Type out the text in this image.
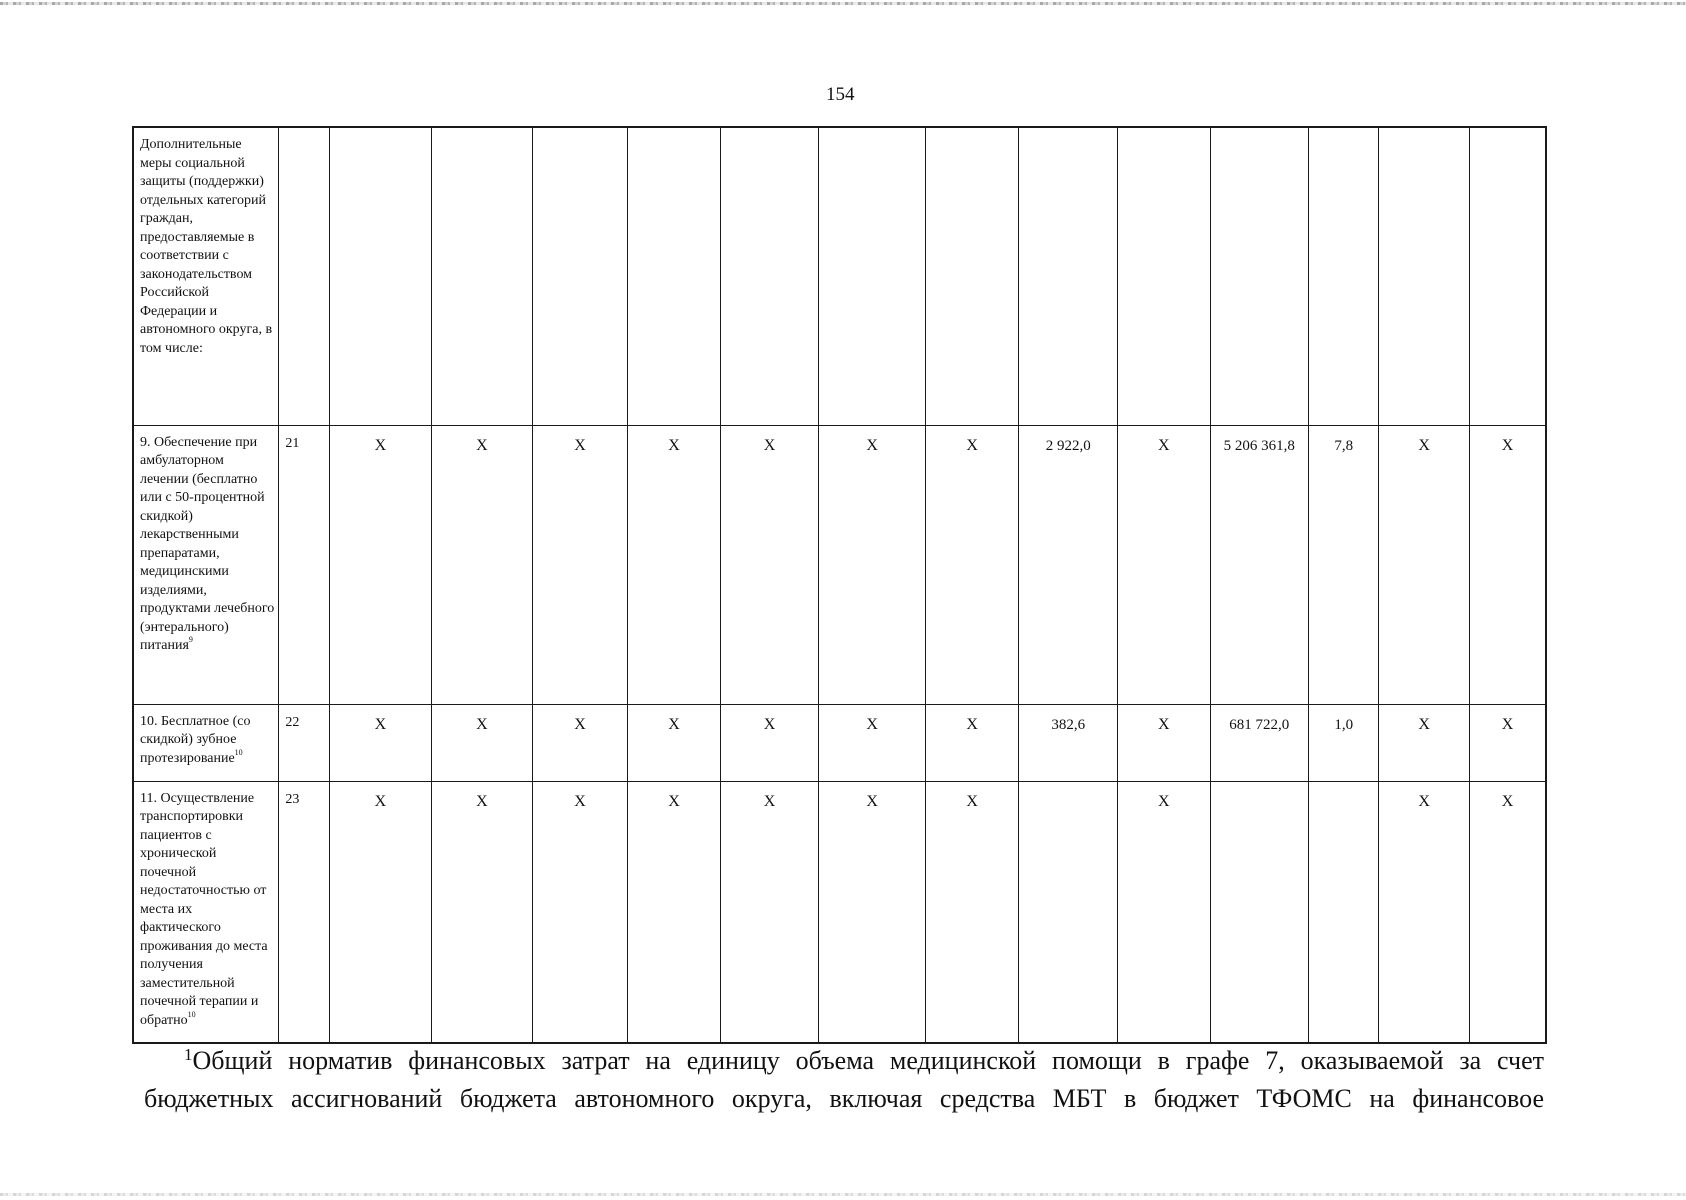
154
Дополнительные меры социальной защиты (поддержки) отдельных категорий граждан, предоставляемые в соответствии с законодательством Российской Федерации и автономного округа, в том числе:														
9. Обеспечение при амбулаторном лечении (бесплатно или с 50-процентной скидкой) лекарственными препаратами, медицинскими изделиями, продуктами лечебного (энтерального) питания$^9$	21	Х	Х	Х	Х	Х	Х	Х	2 922,0	Х	5 206 361,8	7,8	Х	Х
10. Бесплатное (со скидкой) зубное протезирование$^{10}$	22	Х	Х	Х	Х	Х	Х	Х	382,6	Х	681 722,0	1,0	Х	Х
11. Осуществление транспортировки пациентов с хронической почечной недостаточностью от места их фактического проживания до места получения заместительной почечной терапии и обратно$^{10}$	23	Х	Х	Х	Х	Х	Х	Х		Х			Х	Х
$^1$Общий норматив финансовых затрат на единицу объема медицинской помощи в графе 7, оказываемой за счет
бюджетных ассигнований бюджета автономного округа, включая средства МБТ в бюджет ТФОМС на финансовое
